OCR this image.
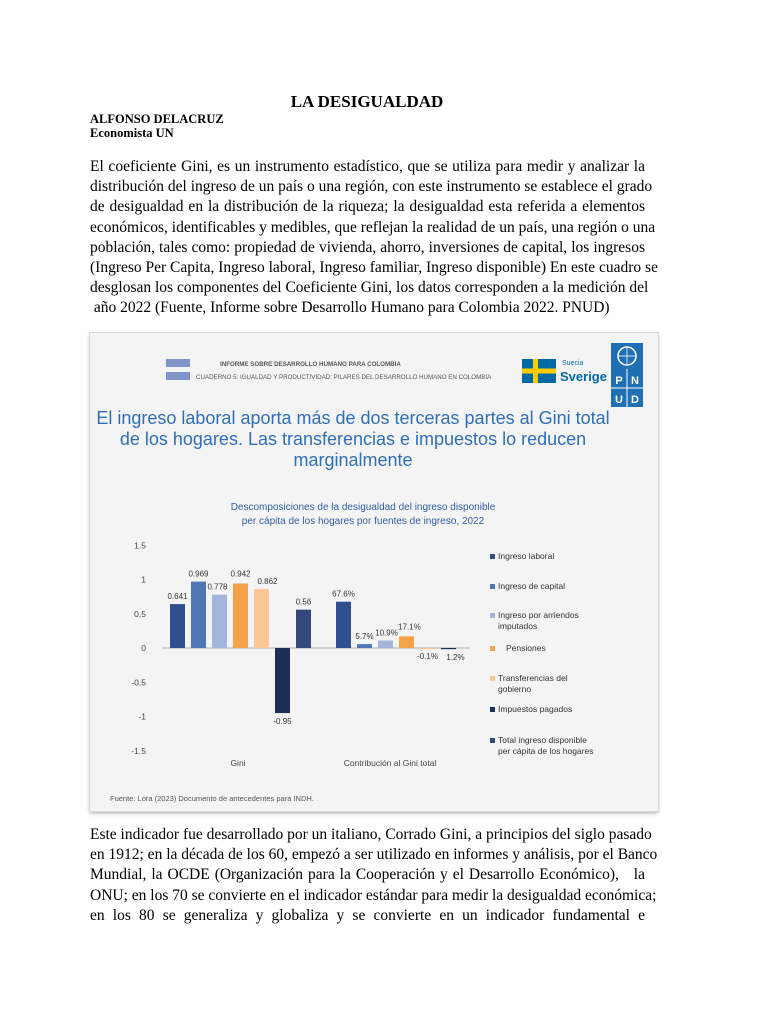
LA DESIGUALDAD
ALFONSO DELACRUZ
Economista UN
El coeficiente Gini, es un instrumento estadístico, que se utiliza para medir y analizar la
distribución del ingreso de un país o una región, con este instrumento se establece el grado
de desigualdad en la distribución de la riqueza; la desigualdad esta referida a elementos
económicos, identificables y medibles, que reflejan la realidad de un país, una región o una
población, tales como: propiedad de vivienda, ahorro, inversiones de capital, los ingresos
(Ingreso Per Capita, Ingreso laboral, Ingreso familiar, Ingreso disponible) En este cuadro se
desglosan los componentes del Coeficiente Gini, los datos corresponden a la medición del
año 2022 (Fuente, Informe sobre Desarrollo Humano para Colombia 2022. PNUD)
INFORME SOBRE DESARROLLO HUMANO PARA COLOMBIA
CUADERNO 5: IGUALDAD Y PRODUCTIVIDAD: PILARES DEL DESARROLLO HUMANO EN COLOMBIA
Suecia
Sverige P N
U D
El ingreso laboral aporta más de dos terceras partes al Gini total
de los hogares. Las transferencias e impuestos lo reducen
marginalmente
Descomposiciones de la desigualdad del ingreso disponible
per cápita de los hogares por fuentes de ingreso, 2022
1.5
1
0.5
0
-0.5
-1
-1.5
0.641	67.6%
0.969
5.7%
0.778
10.9%
0.942
17.1%
0.862
-0.1%
-0.95
1.2%
0.56
Gini	Contribución al Gini total
Ingreso laboral
Ingreso de capital
Ingreso por arriendos
imputados
Pensiones
Transferencias del
gobierno
Impuestos pagados
Total ingreso disponible
per cápita de los hogares
Fuente: Lora (2023) Documento de antecedentes para INDH.
Este indicador fue desarrollado por un italiano, Corrado Gini, a principios del siglo pasado
en 1912; en la década de los 60, empezó a ser utilizado en informes y análisis, por el Banco
Mundial, la OCDE (Organización para la Cooperación y el Desarrollo Económico),   la
ONU; en los 70 se convierte en el indicador estándar para medir la desigualdad económica;
en los 80 se generaliza y globaliza y se convierte en un indicador fundamental e
